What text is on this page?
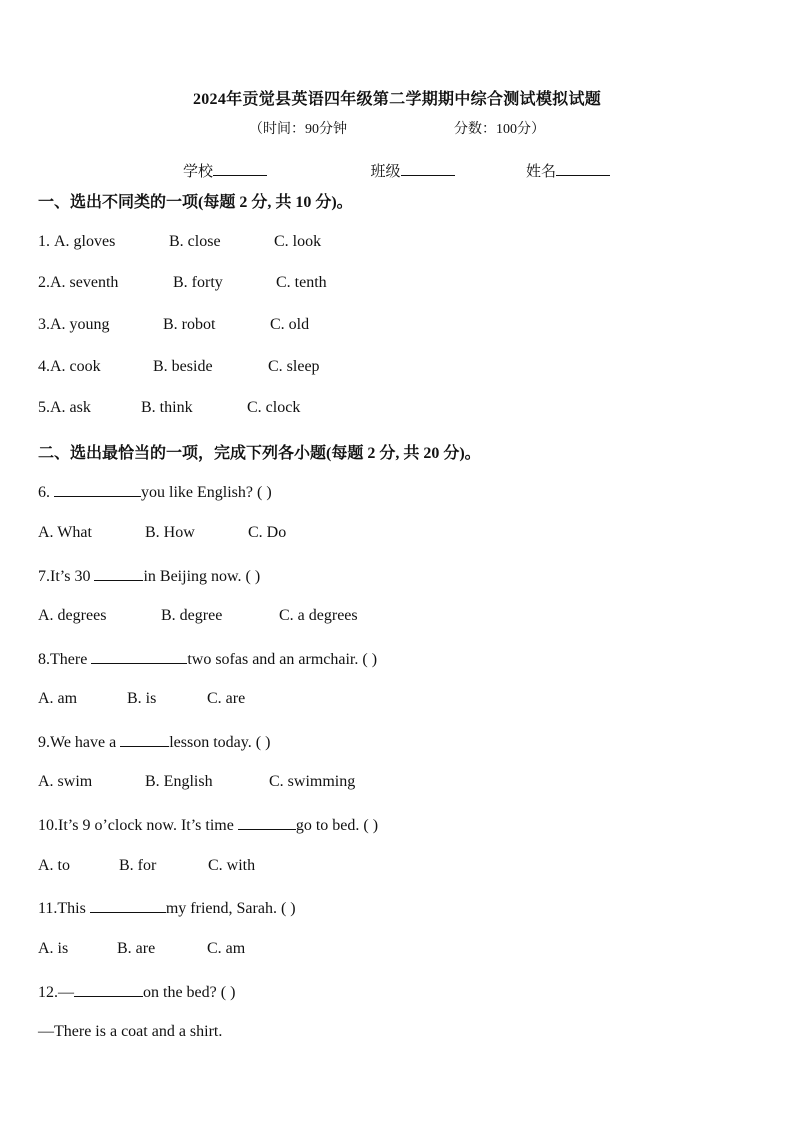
2024年贡觉县英语四年级第二学期期中综合测试模拟试题
（时间：90分钟	分数：100分）
学校	班级	姓名
一、选出不同类的一项(每题 2 分, 共 10 分)。
1. A. gloves	B. close	C. look
2.A. seventh	B. forty	C. tenth
3.A. young	B. robot	C. old
4.A. cook	B. beside	C. sleep
5.A. ask	B. think	C. clock
二、选出最恰当的一项，完成下列各小题(每题 2 分, 共 20 分)。
6.	you like English? ( )
A. What	B. How	C. Do
7.It’s 30	in Beijing now. ( )
A. degrees	B. degree	C. a degrees
8.There	two sofas and an armchair. ( )
A. am	B. is	C. are
9.We have a	lesson today. ( )
A. swim	B. English	C. swimming
10.It’s 9 o’clock now. It’s time	go to bed. ( )
A. to	B. for	C. with
11.This	my friend, Sarah. ( )
A. is	B. are	C. am
12.—	on the bed? ( )
—There is a coat and a shirt.
